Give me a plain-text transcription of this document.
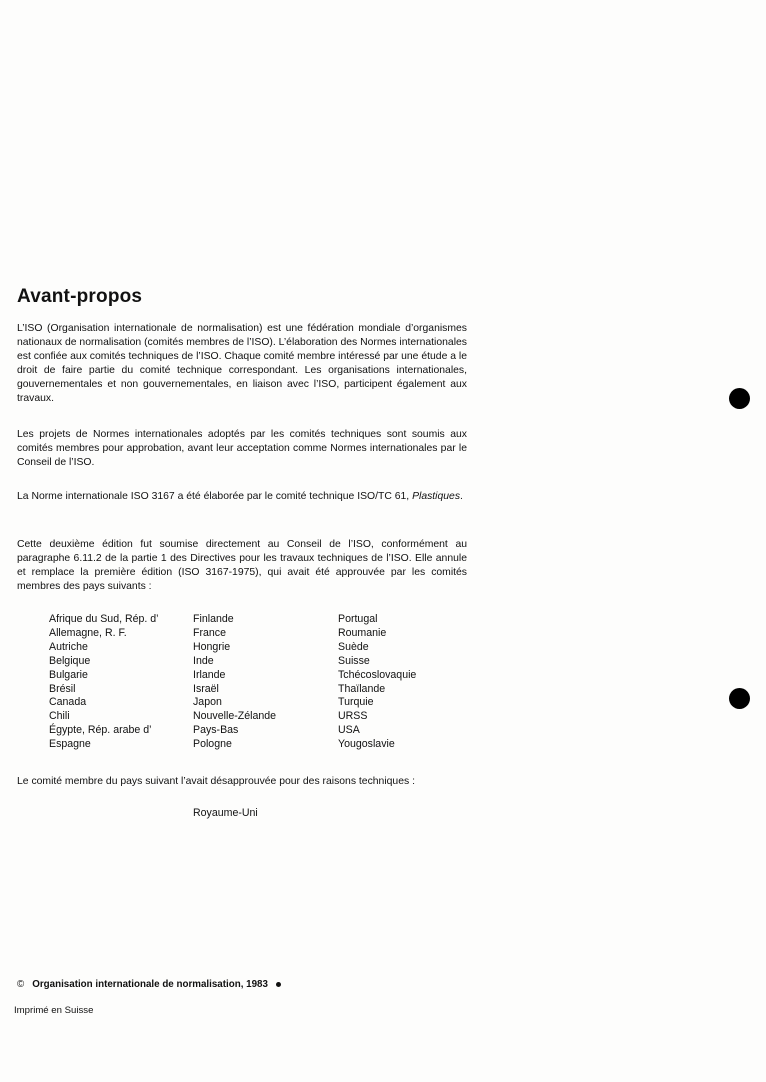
Avant-propos

L’ISO (Organisation internationale de normalisation) est une fédération mondiale d’organismes nationaux de normalisation (comités membres de l’ISO). L’élaboration des Normes internationales est confiée aux comités techniques de l’ISO. Chaque comité membre intéressé par une étude a le droit de faire partie du comité technique correspondant. Les organisations internationales, gouvernementales et non gouvernementales, en liaison avec l’ISO, participent également aux travaux.

Les projets de Normes internationales adoptés par les comités techniques sont soumis aux comités membres pour approbation, avant leur acceptation comme Normes internationales par le Conseil de l’ISO.

La Norme internationale ISO 3167 a été élaborée par le comité technique ISO/TC 61, Plastiques.

Cette deuxième édition fut soumise directement au Conseil de l’ISO, conformément au paragraphe 6.11.2 de la partie 1 des Directives pour les travaux techniques de l’ISO. Elle annule et remplace la première édition (ISO 3167-1975), qui avait été approuvée par les comités membres des pays suivants :

Afrique du Sud, Rép. d’
Allemagne, R. F.
Autriche
Belgique
Bulgarie
Brésil
Canada
Chili
Égypte, Rép. arabe d’
Espagne
Finlande
France
Hongrie
Inde
Irlande
Israël
Japon
Nouvelle-Zélande
Pays-Bas
Pologne
Portugal
Roumanie
Suède
Suisse
Tchécoslovaquie
Thaïlande
Turquie
URSS
USA
Yougoslavie

Le comité membre du pays suivant l’avait désapprouvée pour des raisons techniques :

Royaume-Uni
© Organisation internationale de normalisation, 1983
Imprimé en Suisse
